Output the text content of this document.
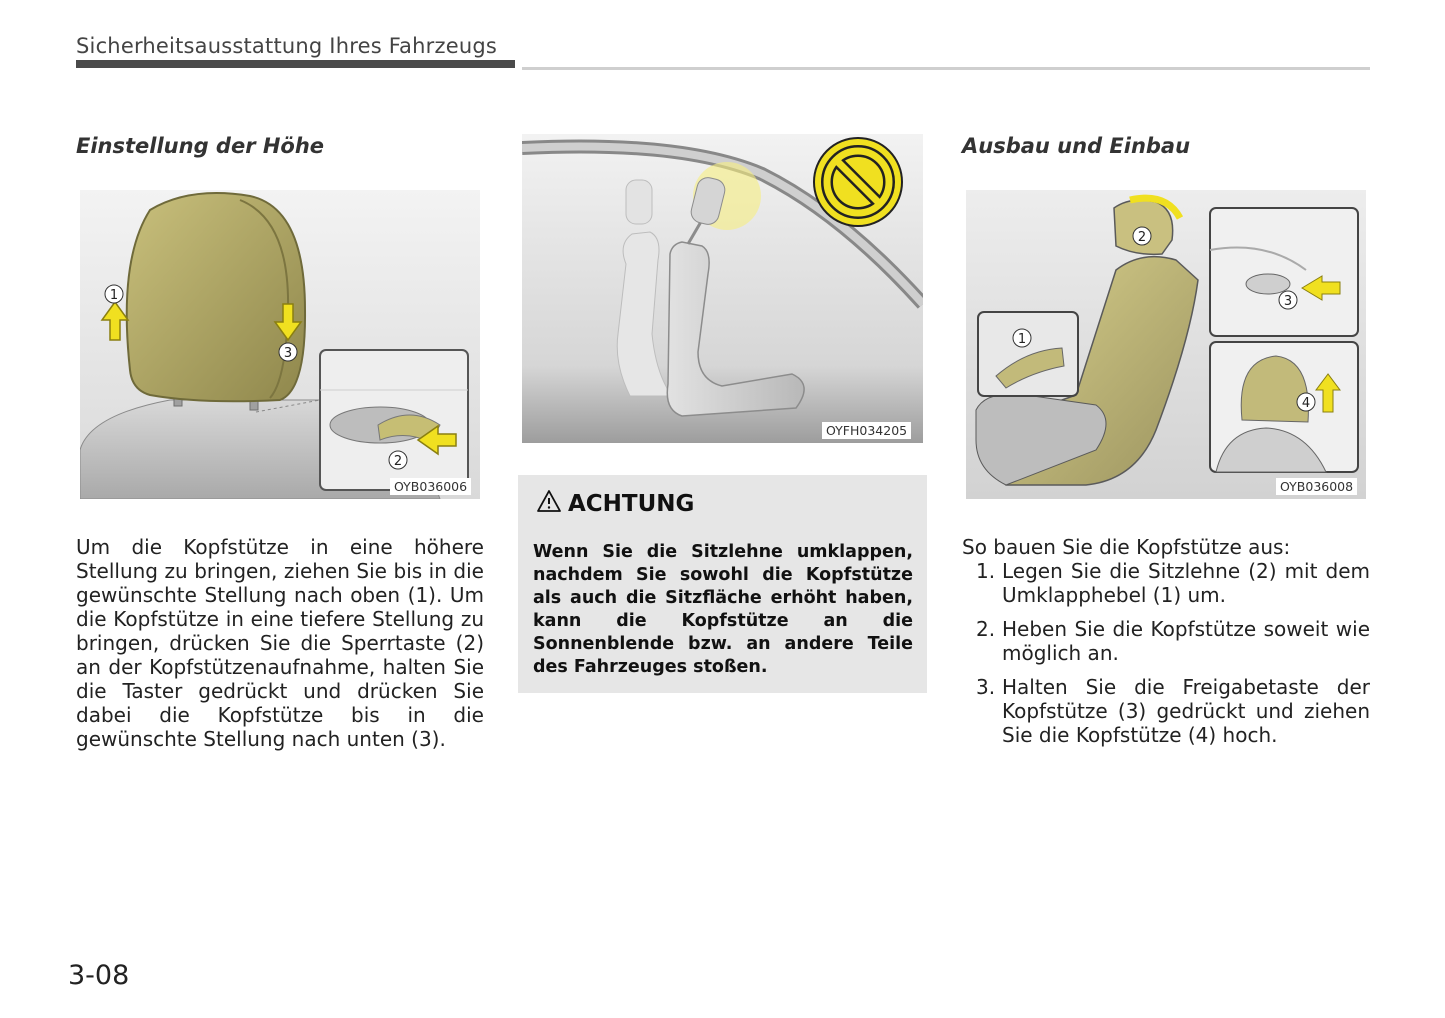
Sicherheitsausstattung Ihres Fahrzeugs
Einstellung der Höhe
1
3
2
OYB036006

Um die Kopfstütze in eine höhere Stellung zu bringen, ziehen Sie bis in die gewünschte Stellung nach oben (1). Um die Kopfstütze in eine tiefere Stellung zu bringen, drücken Sie die Sperrtaste (2) an der Kopfstützenaufnahme, halten Sie die Taster gedrückt und drücken Sie dabei die Kopfstütze bis in die gewünschte Stellung nach unten (3).

OYFH034205
ACHTUNG
Wenn Sie die Sitzlehne umklappen, nachdem Sie sowohl die Kopfstütze als auch die Sitzfläche erhöht haben, kann die Kopfstütze an die Sonnenblende bzw. an andere Teile des Fahrzeuges stoßen.
Ausbau und Einbau
1
2
3
4
OYB036008

So bauen Sie die Kopfstütze aus:

1. Legen Sie die Sitzlehne (2) mit dem Umklapphebel (1) um.
2. Heben Sie die Kopfstütze soweit wie möglich an.
3. Halten Sie die Freigabetaste der Kopfstütze (3) gedrückt und ziehen Sie die Kopfstütze (4) hoch.
3-08
